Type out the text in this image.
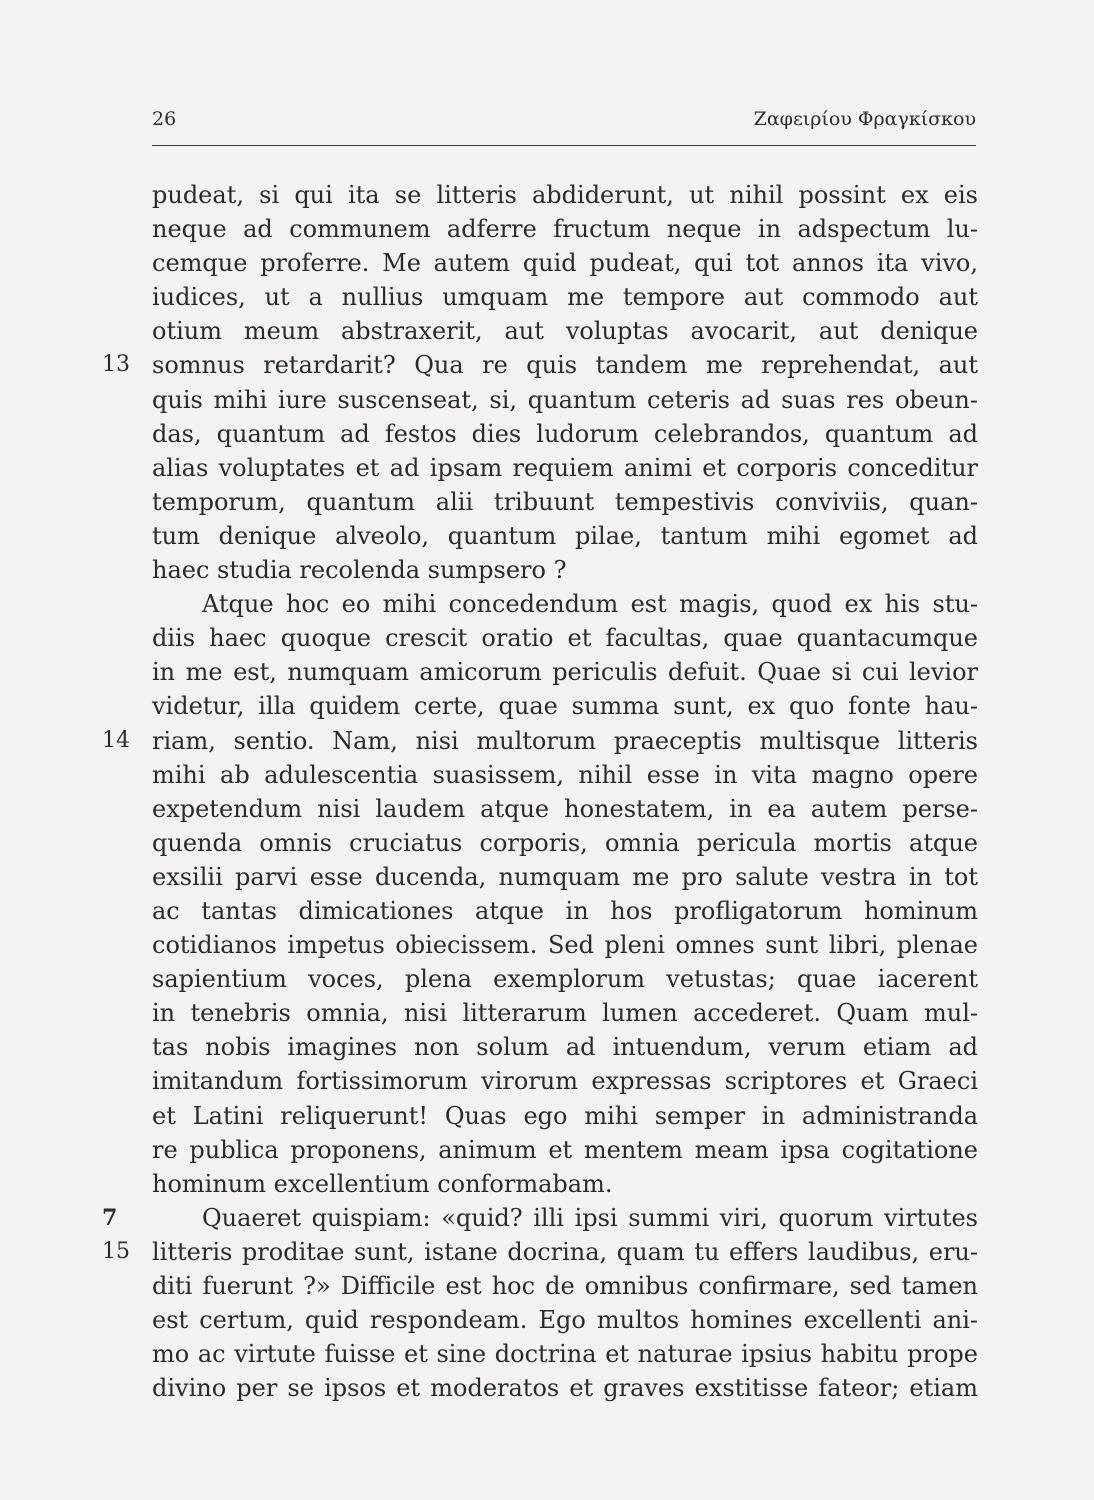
26	Ζαφειρίου Φραγκίσκου
pudeat, si qui ita se litteris abdiderunt, ut nihil possint ex eis
neque ad communem adferre fructum neque in adspectum lu-
cemque proferre. Me autem quid pudeat, qui tot annos ita vivo,
iudices, ut a nullius umquam me tempore aut commodo aut
otium meum abstraxerit, aut voluptas avocarit, aut denique
13 somnus retardarit? Qua re quis tandem me reprehendat, aut
quis mihi iure suscenseat, si, quantum ceteris ad suas res obeun-
das, quantum ad festos dies ludorum celebrandos, quantum ad
alias voluptates et ad ipsam requiem animi et corporis conceditur
temporum, quantum alii tribuunt tempestivis conviviis, quan-
tum denique alveolo, quantum pilae, tantum mihi egomet ad
haec studia recolenda sumpsero ?
Atque hoc eo mihi concedendum est magis, quod ex his stu-
diis haec quoque crescit oratio et facultas, quae quantacumque
in me est, numquam amicorum periculis defuit. Quae si cui levior
videtur, illa quidem certe, quae summa sunt, ex quo fonte hau-
14 riam, sentio. Nam, nisi multorum praeceptis multisque litteris
mihi ab adulescentia suasissem, nihil esse in vita magno opere
expetendum nisi laudem atque honestatem, in ea autem perse-
quenda omnis cruciatus corporis, omnia pericula mortis atque
exsilii parvi esse ducenda, numquam me pro salute vestra in tot
ac tantas dimicationes atque in hos profligatorum hominum
cotidianos impetus obiecissem. Sed pleni omnes sunt libri, plenae
sapientium voces, plena exemplorum vetustas; quae iacerent
in tenebris omnia, nisi litterarum lumen accederet. Quam mul-
tas nobis imagines non solum ad intuendum, verum etiam ad
imitandum fortissimorum virorum expressas scriptores et Graeci
et Latini reliquerunt! Quas ego mihi semper in administranda
re publica proponens, animum et mentem meam ipsa cogitatione
hominum excellentium conformabam.
7	Quaeret quispiam: «quid? illi ipsi summi viri, quorum virtutes
15 litteris proditae sunt, istane docrina, quam tu effers laudibus, eru-
diti fuerunt ?» Difficile est hoc de omnibus confirmare, sed tamen
est certum, quid respondeam. Ego multos homines excellenti ani-
mo ac virtute fuisse et sine doctrina et naturae ipsius habitu prope
divino per se ipsos et moderatos et graves exstitisse fateor; etiam
